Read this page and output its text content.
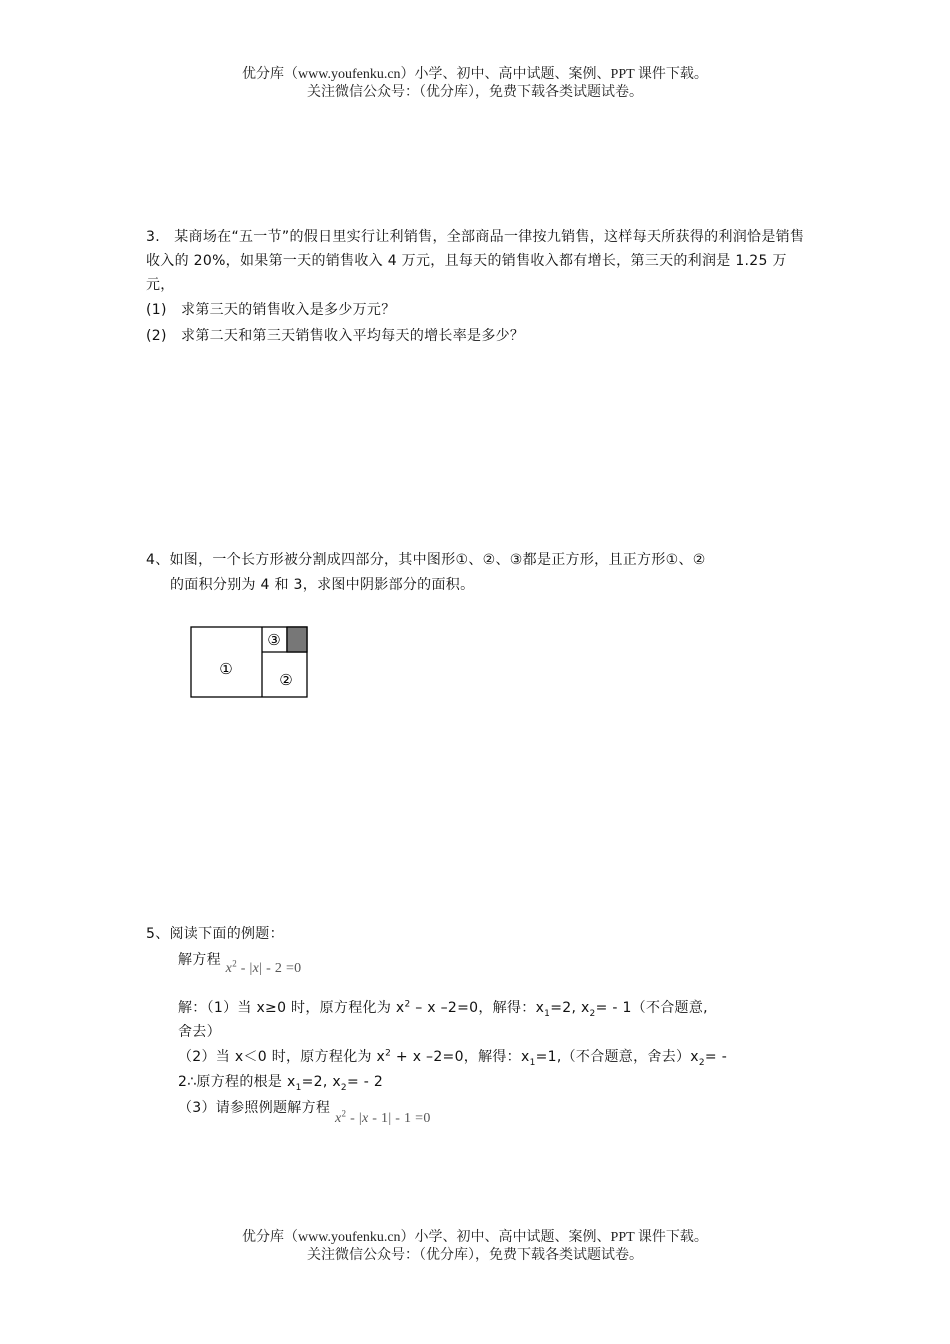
优分库（www.youfenku.cn）小学、初中、高中试题、案例、PPT 课件下载。
关注微信公众号：（优分库），免费下载各类试题试卷。
3.　某商场在“五一节”的假日里实行让利销售，全部商品一律按九销售，这样每天所获得的利润恰是销售收入的 20%，如果第一天的销售收入 4 万元，且每天的销售收入都有增长，第三天的利润是 1.25 万元，
(1)　求第三天的销售收入是多少万元？
(2)　求第二天和第三天销售收入平均每天的增长率是多少？
4、如图，一个长方形被分割成四部分，其中图形①、②、③都是正方形，且正方形①、②
的面积分别为 4 和 3，求图中阴影部分的面积。
①
②
③
5、阅读下面的例题：
解方程 $x^2 - |x| - 2 =0$
解：（1）当 x≥0 时，原方程化为 $x^2$ – x –2=0，解得：$x_1=2$, $x_2= - 1$（不合题意,
舍去）
（2）当 x＜0 时，原方程化为 $x^2 + x$ –2=0，解得：$x_1=1$,（不合题意，舍去）$x_2=$ -
2∴原方程的根是 $x_1=2$, $x_2= - 2$
（3）请参照例题解方程 $x^2 - |x - 1| - 1 =0$
优分库（www.youfenku.cn）小学、初中、高中试题、案例、PPT 课件下载。
关注微信公众号：（优分库），免费下载各类试题试卷。
